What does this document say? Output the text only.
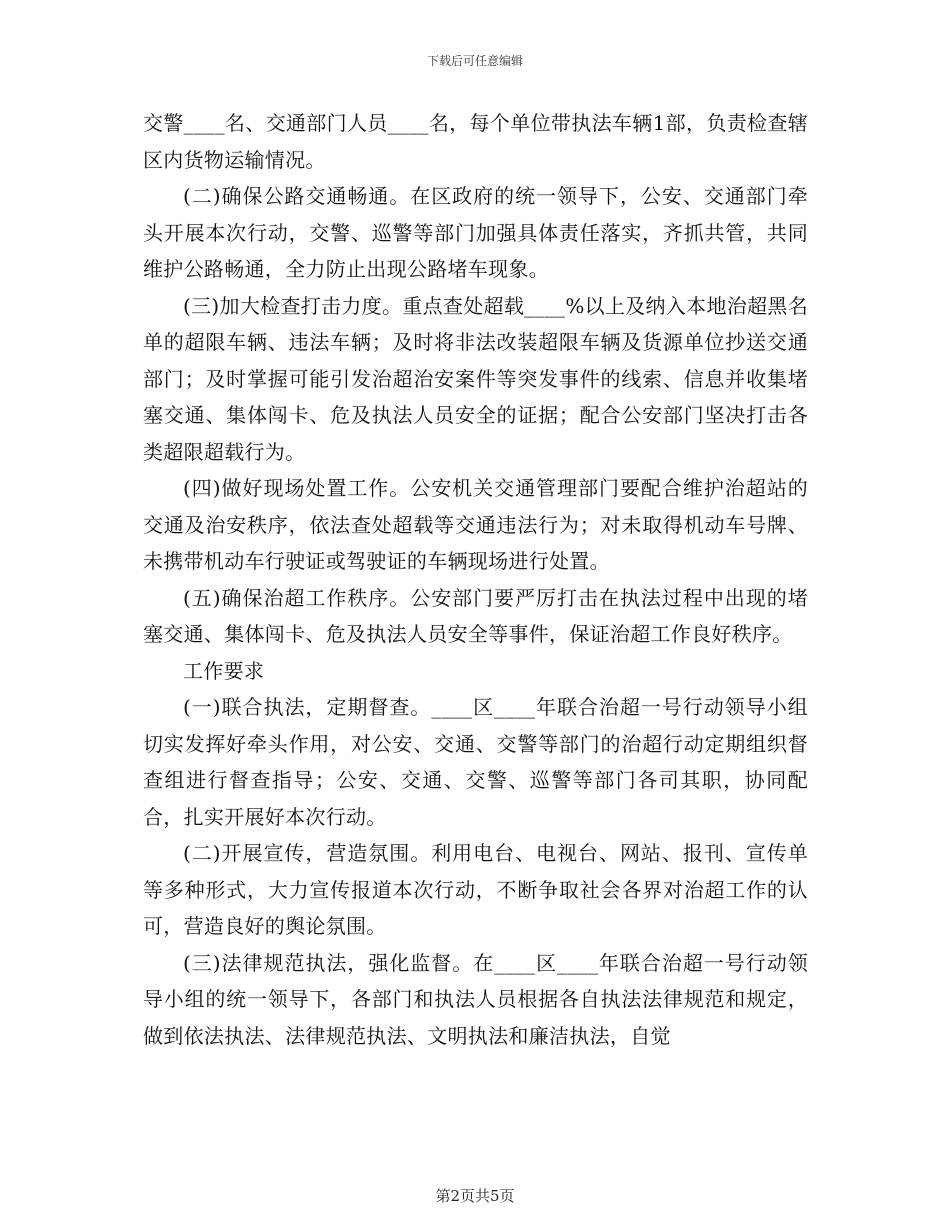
下载后可任意编辑

交警____名、交通部门人员____名，每个单位带执法车辆1部，负责检查辖区内货物运输情况。

(二)确保公路交通畅通。在区政府的统一领导下，公安、交通部门牵头开展本次行动，交警、巡警等部门加强具体责任落实，齐抓共管，共同维护公路畅通，全力防止出现公路堵车现象。

(三)加大检查打击力度。重点查处超载____%以上及纳入本地治超黑名单的超限车辆、违法车辆；及时将非法改装超限车辆及货源单位抄送交通部门；及时掌握可能引发治超治安案件等突发事件的线索、信息并收集堵塞交通、集体闯卡、危及执法人员安全的证据；配合公安部门坚决打击各类超限超载行为。

(四)做好现场处置工作。公安机关交通管理部门要配合维护治超站的交通及治安秩序，依法查处超载等交通违法行为；对未取得机动车号牌、未携带机动车行驶证或驾驶证的车辆现场进行处置。

(五)确保治超工作秩序。公安部门要严厉打击在执法过程中出现的堵塞交通、集体闯卡、危及执法人员安全等事件，保证治超工作良好秩序。

工作要求

(一)联合执法，定期督查。____区____年联合治超一号行动领导小组切实发挥好牵头作用，对公安、交通、交警等部门的治超行动定期组织督查组进行督查指导；公安、交通、交警、巡警等部门各司其职，协同配合，扎实开展好本次行动。

(二)开展宣传，营造氛围。利用电台、电视台、网站、报刊、宣传单等多种形式，大力宣传报道本次行动，不断争取社会各界对治超工作的认可，营造良好的舆论氛围。

(三)法律规范执法，强化监督。在____区____年联合治超一号行动领导小组的统一领导下，各部门和执法人员根据各自执法法律规范和规定，做到依法执法、法律规范执法、文明执法和廉洁执法，自觉

第2页共5页
